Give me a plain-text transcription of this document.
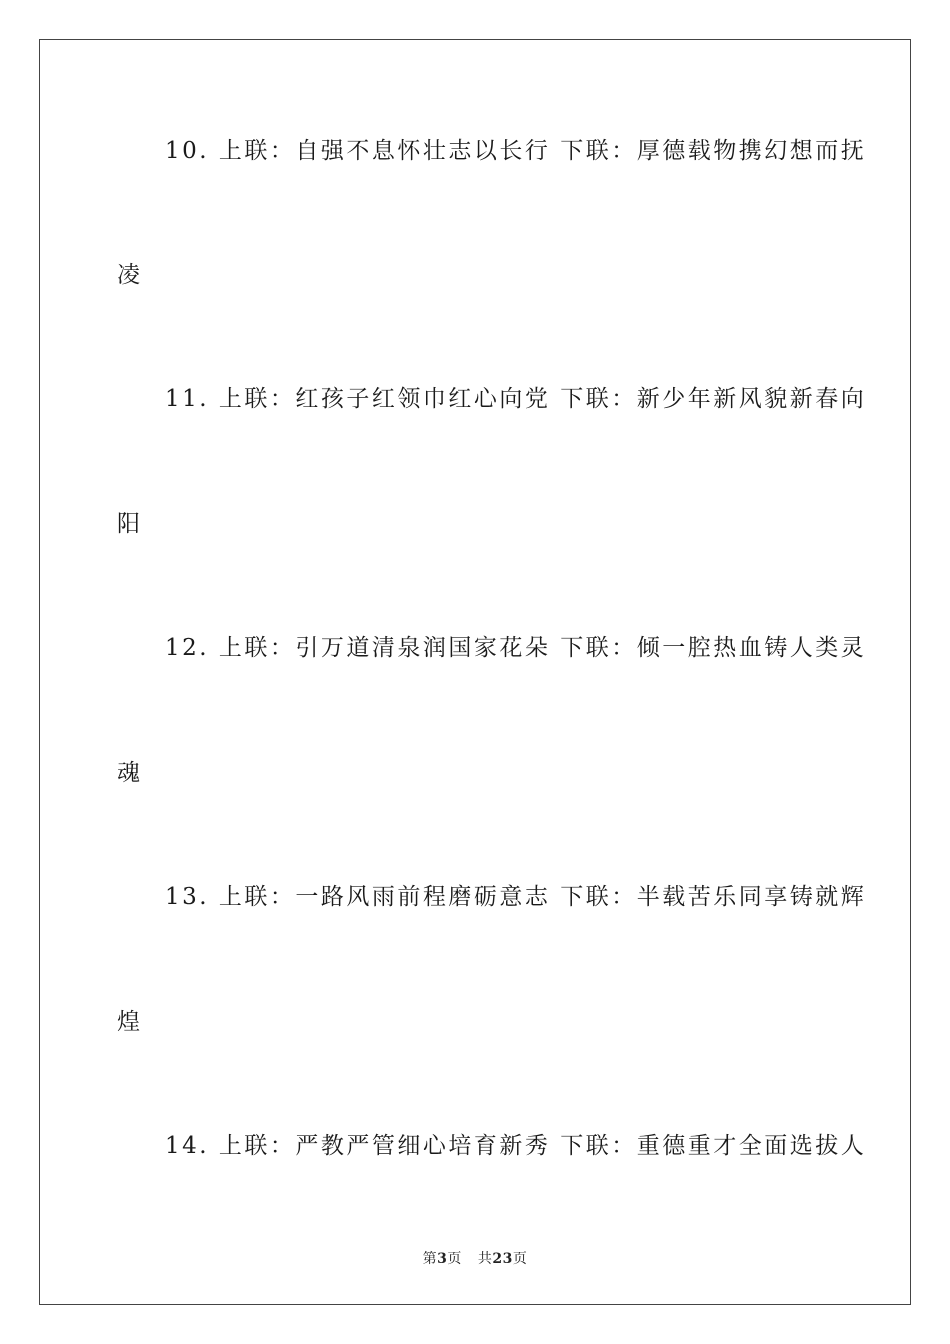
10. 上联：自强不息怀壮志以长行 下联：厚德载物携幻想而抚
凌
11. 上联：红孩子红领巾红心向党 下联：新少年新风貌新春向
阳
12. 上联：引万道清泉润国家花朵 下联：倾一腔热血铸人类灵
魂
13. 上联：一路风雨前程磨砺意志 下联：半载苦乐同享铸就辉
煌
14. 上联：严教严管细心培育新秀 下联：重德重才全面选拔人
第3页 共23页
